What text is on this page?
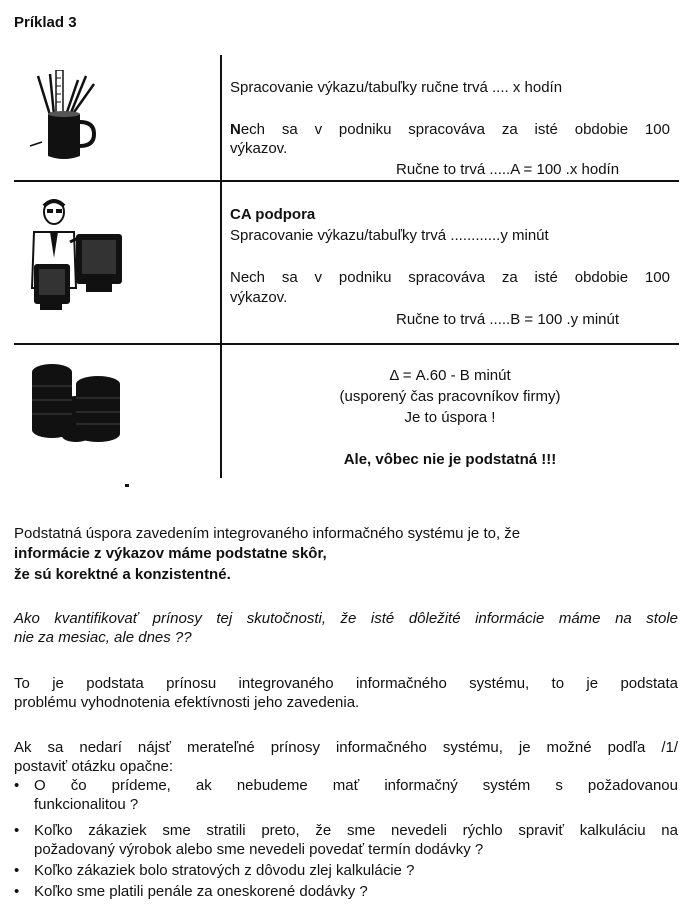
Príklad 3
Spracovanie výkazu/tabuľky ručne trvá .... x hodín
Nech sa v podniku spracováva za isté obdobie 100
výkazov.
Ručne to trvá .....A = 100 .x hodín
CA podpora
Spracovanie výkazu/tabuľky trvá ............y minút
Nech sa v podniku spracováva za isté obdobie 100
výkazov.
Ručne to trvá .....B = 100 .y minút
Δ = A.60 - B minút
(usporený čas pracovníkov firmy)
Je to úspora !
Ale, vôbec nie je podstatná !!!
Podstatná úspora zavedením integrovaného informačného systému je to, že
informácie z výkazov máme podstatne skôr,
že sú korektné a konzistentné.
Ako kvantifikovať prínosy tej skutočnosti, že isté dôležité informácie máme na stole
nie za mesiac, ale dnes ??
To je podstata prínosu integrovaného informačného systému, to je podstata
problému vyhodnotenia efektívnosti jeho zavedenia.
Ak sa nedarí nájsť merateľné prínosy informačného systému, je možné podľa /1/
postaviť otázku opačne:
• O čo prídeme, ak nebudeme mať informačný systém s požadovanou
funkcionalitou ?
• Koľko zákaziek sme stratili preto, že sme nevedeli rýchlo spraviť kalkuláciu na
požadovaný výrobok alebo sme nevedeli povedať termín dodávky ?
• Koľko zákaziek bolo stratových z dôvodu zlej kalkulácie ?
• Koľko sme platili penále za oneskorené dodávky ?
